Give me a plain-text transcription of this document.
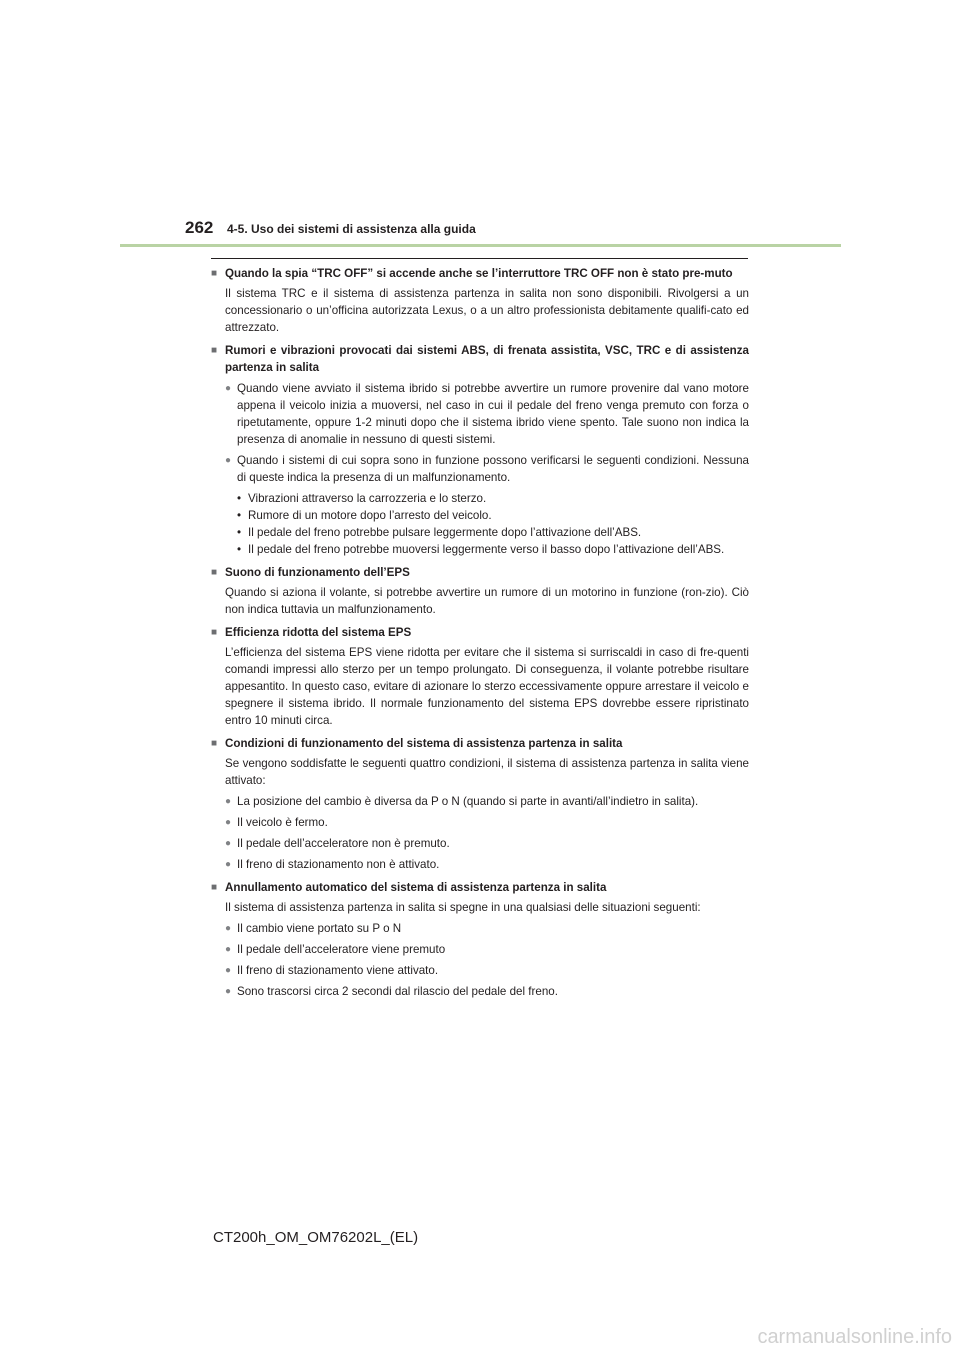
262	4-5. Uso dei sistemi di assistenza alla guida
■ Quando la spia “TRC OFF” si accende anche se l’interruttore TRC OFF non è stato pre-muto
Il sistema TRC e il sistema di assistenza partenza in salita non sono disponibili. Rivolgersi a un concessionario o un’officina autorizzata Lexus, o a un altro professionista debitamente qualifi-cato ed attrezzato.
■ Rumori e vibrazioni provocati dai sistemi ABS, di frenata assistita, VSC, TRC e di assistenza partenza in salita
● Quando viene avviato il sistema ibrido si potrebbe avvertire un rumore provenire dal vano motore appena il veicolo inizia a muoversi, nel caso in cui il pedale del freno venga premuto con forza o ripetutamente, oppure 1-2 minuti dopo che il sistema ibrido viene spento. Tale suono non indica la presenza di anomalie in nessuno di questi sistemi.
● Quando i sistemi di cui sopra sono in funzione possono verificarsi le seguenti condizioni. Nessuna di queste indica la presenza di un malfunzionamento.
• Vibrazioni attraverso la carrozzeria e lo sterzo.
• Rumore di un motore dopo l’arresto del veicolo.
• Il pedale del freno potrebbe pulsare leggermente dopo l’attivazione dell’ABS.
• Il pedale del freno potrebbe muoversi leggermente verso il basso dopo l’attivazione dell’ABS.
■ Suono di funzionamento dell’EPS
Quando si aziona il volante, si potrebbe avvertire un rumore di un motorino in funzione (ron-zio). Ciò non indica tuttavia un malfunzionamento.
■ Efficienza ridotta del sistema EPS
L’efficienza del sistema EPS viene ridotta per evitare che il sistema si surriscaldi in caso di fre-quenti comandi impressi allo sterzo per un tempo prolungato. Di conseguenza, il volante potrebbe risultare appesantito. In questo caso, evitare di azionare lo sterzo eccessivamente oppure arrestare il veicolo e spegnere il sistema ibrido. Il normale funzionamento del sistema EPS dovrebbe essere ripristinato entro 10 minuti circa.
■ Condizioni di funzionamento del sistema di assistenza partenza in salita
Se vengono soddisfatte le seguenti quattro condizioni, il sistema di assistenza partenza in salita viene attivato:
● La posizione del cambio è diversa da P o N (quando si parte in avanti/all’indietro in salita).
● Il veicolo è fermo.
● Il pedale dell’acceleratore non è premuto.
● Il freno di stazionamento non è attivato.
■ Annullamento automatico del sistema di assistenza partenza in salita
Il sistema di assistenza partenza in salita si spegne in una qualsiasi delle situazioni seguenti:
● Il cambio viene portato su P o N
● Il pedale dell’acceleratore viene premuto
● Il freno di stazionamento viene attivato.
● Sono trascorsi circa 2 secondi dal rilascio del pedale del freno.
CT200h_OM_OM76202L_(EL)
carmanualsonline.info
